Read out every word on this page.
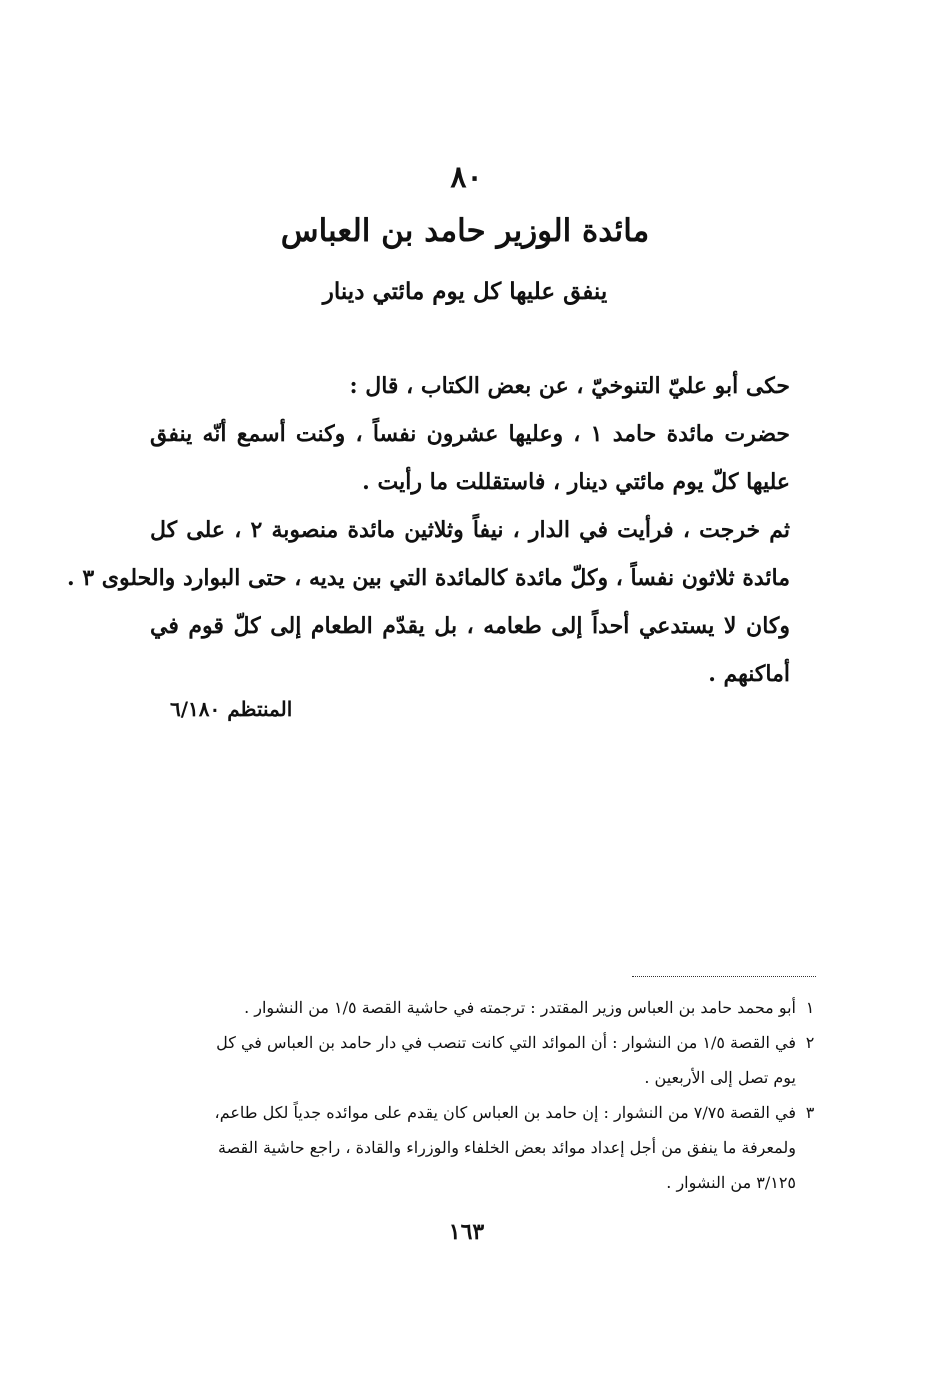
٨٠
مائدة الوزير حامد بن العباس
ينفق عليها كل يوم مائتي دينار
حكى أبو عليّ التنوخيّ ، عن بعض الكتاب ، قال :
حضرت مائدة حامد ١ ، وعليها عشرون نفساً ، وكنت أسمع أنّه ينفق
عليها كلّ يوم مائتي دينار ، فاستقللت ما رأيت .
ثم خرجت ، فرأيت في الدار ، نيفاً وثلاثين مائدة منصوبة ٢ ، على كل
مائدة ثلاثون نفساً ، وكلّ مائدة كالمائدة التي بين يديه ، حتى البوارد والحلوى ٣ .
وكان لا يستدعي أحداً إلى طعامه ، بل يقدّم الطعام إلى كلّ قوم في
أماكنهم .
المنتظم ٦/١٨٠
١
أبو محمد حامد بن العباس وزير المقتدر : ترجمته في حاشية القصة ١/٥ من النشوار .
٢
في القصة ١/٥ من النشوار : أن الموائد التي كانت تنصب في دار حامد بن العباس في كل
يوم تصل إلى الأربعين .
٣
في القصة ٧/٧٥ من النشوار : إن حامد بن العباس كان يقدم على موائده جدياً لكل طاعم،
ولمعرفة ما ينفق من أجل إعداد موائد بعض الخلفاء والوزراء والقادة ، راجع حاشية القصة
٣/١٢٥ من النشوار .
١٦٣
